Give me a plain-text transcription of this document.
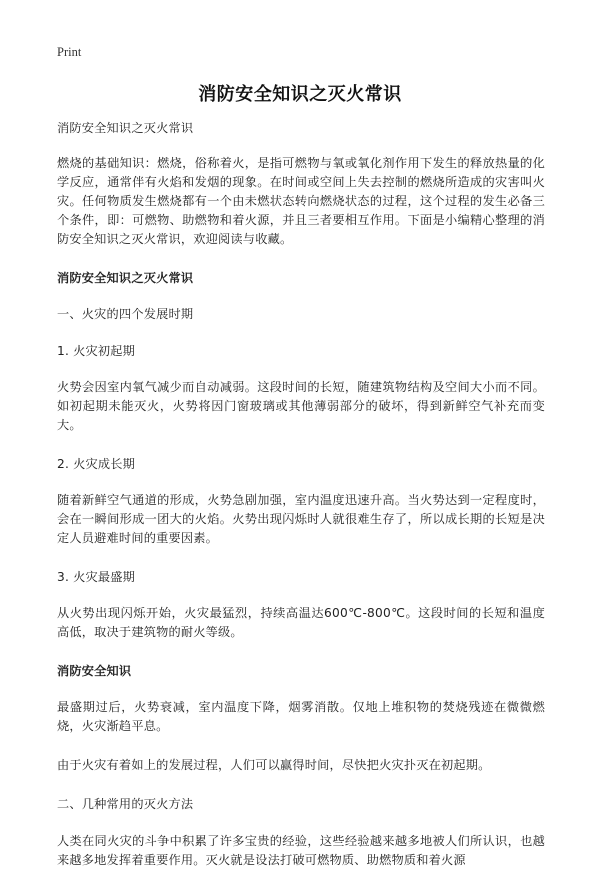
Print
消防安全知识之灭火常识

消防安全知识之灭火常识

燃烧的基础知识：燃烧，俗称着火，是指可燃物与氧或氧化剂作用下发生的释放热量的化学反应，通常伴有火焰和发烟的现象。在时间或空间上失去控制的燃烧所造成的灾害叫火灾。任何物质发生燃烧都有一个由未燃状态转向燃烧状态的过程，这个过程的发生必备三个条件，即：可燃物、助燃物和着火源，并且三者要相互作用。下面是小编精心整理的消防安全知识之灭火常识，欢迎阅读与收藏。

消防安全知识之灭火常识

一、火灾的四个发展时期

1. 火灾初起期

火势会因室内氧气减少而自动减弱。这段时间的长短，随建筑物结构及空间大小而不同。如初起期未能灭火，火势将因门窗玻璃或其他薄弱部分的破坏，得到新鲜空气补充而变大。

2. 火灾成长期

随着新鲜空气通道的形成，火势急剧加强，室内温度迅速升高。当火势达到一定程度时，会在一瞬间形成一团大的火焰。火势出现闪烁时人就很难生存了，所以成长期的长短是决定人员避难时间的重要因素。

3. 火灾最盛期

从火势出现闪烁开始，火灾最猛烈，持续高温达600℃-800℃。这段时间的长短和温度高低，取决于建筑物的耐火等级。

消防安全知识

最盛期过后，火势衰减，室内温度下降，烟雾消散。仅地上堆积物的焚烧残迹在微微燃烧，火灾渐趋平息。

由于火灾有着如上的发展过程，人们可以赢得时间，尽快把火灾扑灭在初起期。

二、几种常用的灭火方法

人类在同火灾的斗争中积累了许多宝贵的经验，这些经验越来越多地被人们所认识，也越来越多地发挥着重要作用。灭火就是设法打破可燃物质、助燃物质和着火源
